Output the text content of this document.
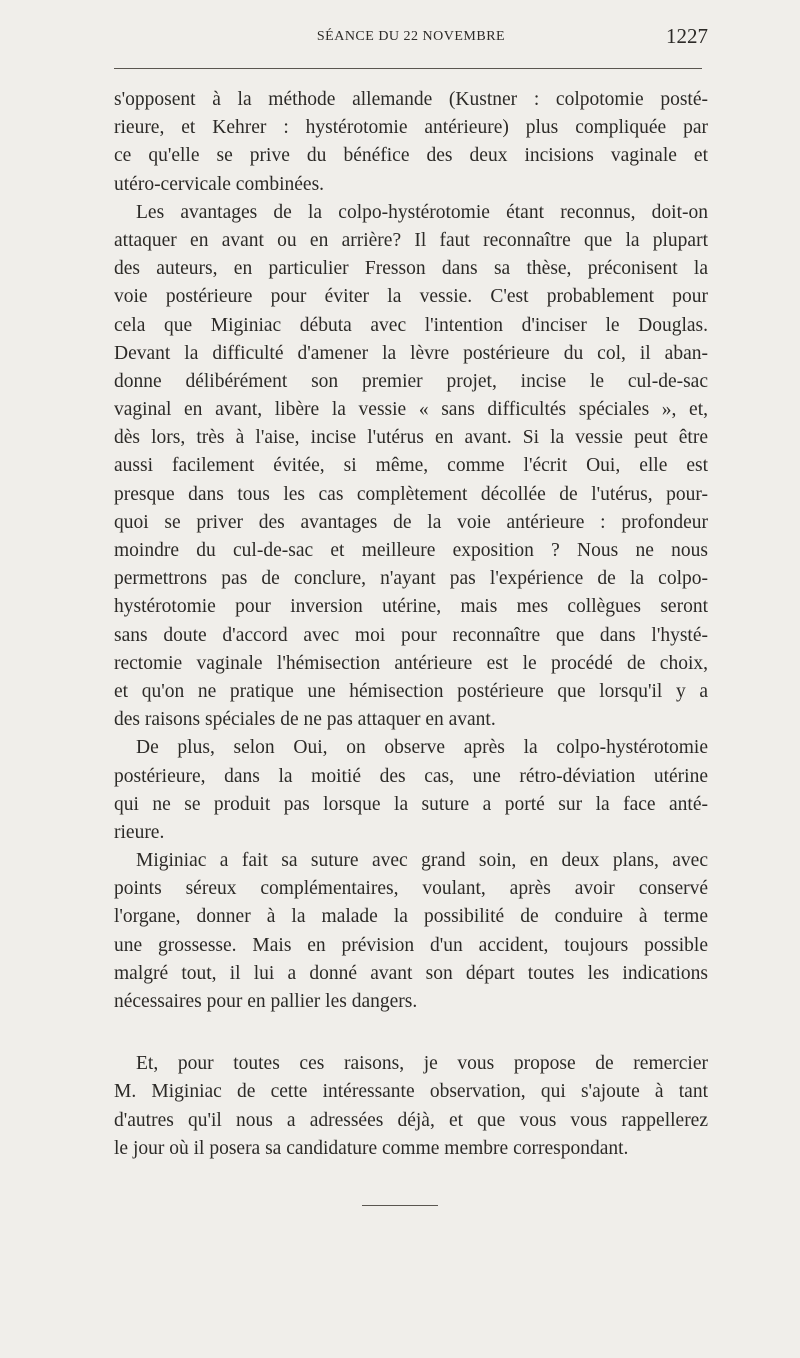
SÉANCE DU 22 NOVEMBRE	1227
s'opposent à la méthode allemande (Kustner : colpotomie posté-
rieure, et Kehrer : hystérotomie antérieure) plus compliquée par
ce qu'elle se prive du bénéfice des deux incisions vaginale et
utéro-cervicale combinées.
Les avantages de la colpo-hystérotomie étant reconnus, doit-on
attaquer en avant ou en arrière? Il faut reconnaître que la plupart
des auteurs, en particulier Fresson dans sa thèse, préconisent la
voie postérieure pour éviter la vessie. C'est probablement pour
cela que Miginiac débuta avec l'intention d'inciser le Douglas.
Devant la difficulté d'amener la lèvre postérieure du col, il aban-
donne délibérément son premier projet, incise le cul-de-sac
vaginal en avant, libère la vessie « sans difficultés spéciales », et,
dès lors, très à l'aise, incise l'utérus en avant. Si la vessie peut être
aussi facilement évitée, si même, comme l'écrit Oui, elle est
presque dans tous les cas complètement décollée de l'utérus, pour-
quoi se priver des avantages de la voie antérieure : profondeur
moindre du cul-de-sac et meilleure exposition ? Nous ne nous
permettrons pas de conclure, n'ayant pas l'expérience de la colpo-
hystérotomie pour inversion utérine, mais mes collègues seront
sans doute d'accord avec moi pour reconnaître que dans l'hysté-
rectomie vaginale l'hémisection antérieure est le procédé de choix,
et qu'on ne pratique une hémisection postérieure que lorsqu'il y a
des raisons spéciales de ne pas attaquer en avant.
De plus, selon Oui, on observe après la colpo-hystérotomie
postérieure, dans la moitié des cas, une rétro-déviation utérine
qui ne se produit pas lorsque la suture a porté sur la face anté-
rieure.
Miginiac a fait sa suture avec grand soin, en deux plans, avec
points séreux complémentaires, voulant, après avoir conservé
l'organe, donner à la malade la possibilité de conduire à terme
une grossesse. Mais en prévision d'un accident, toujours possible
malgré tout, il lui a donné avant son départ toutes les indications
nécessaires pour en pallier les dangers.
Et, pour toutes ces raisons, je vous propose de remercier
M. Miginiac de cette intéressante observation, qui s'ajoute à tant
d'autres qu'il nous a adressées déjà, et que vous vous rappellerez
le jour où il posera sa candidature comme membre correspondant.
